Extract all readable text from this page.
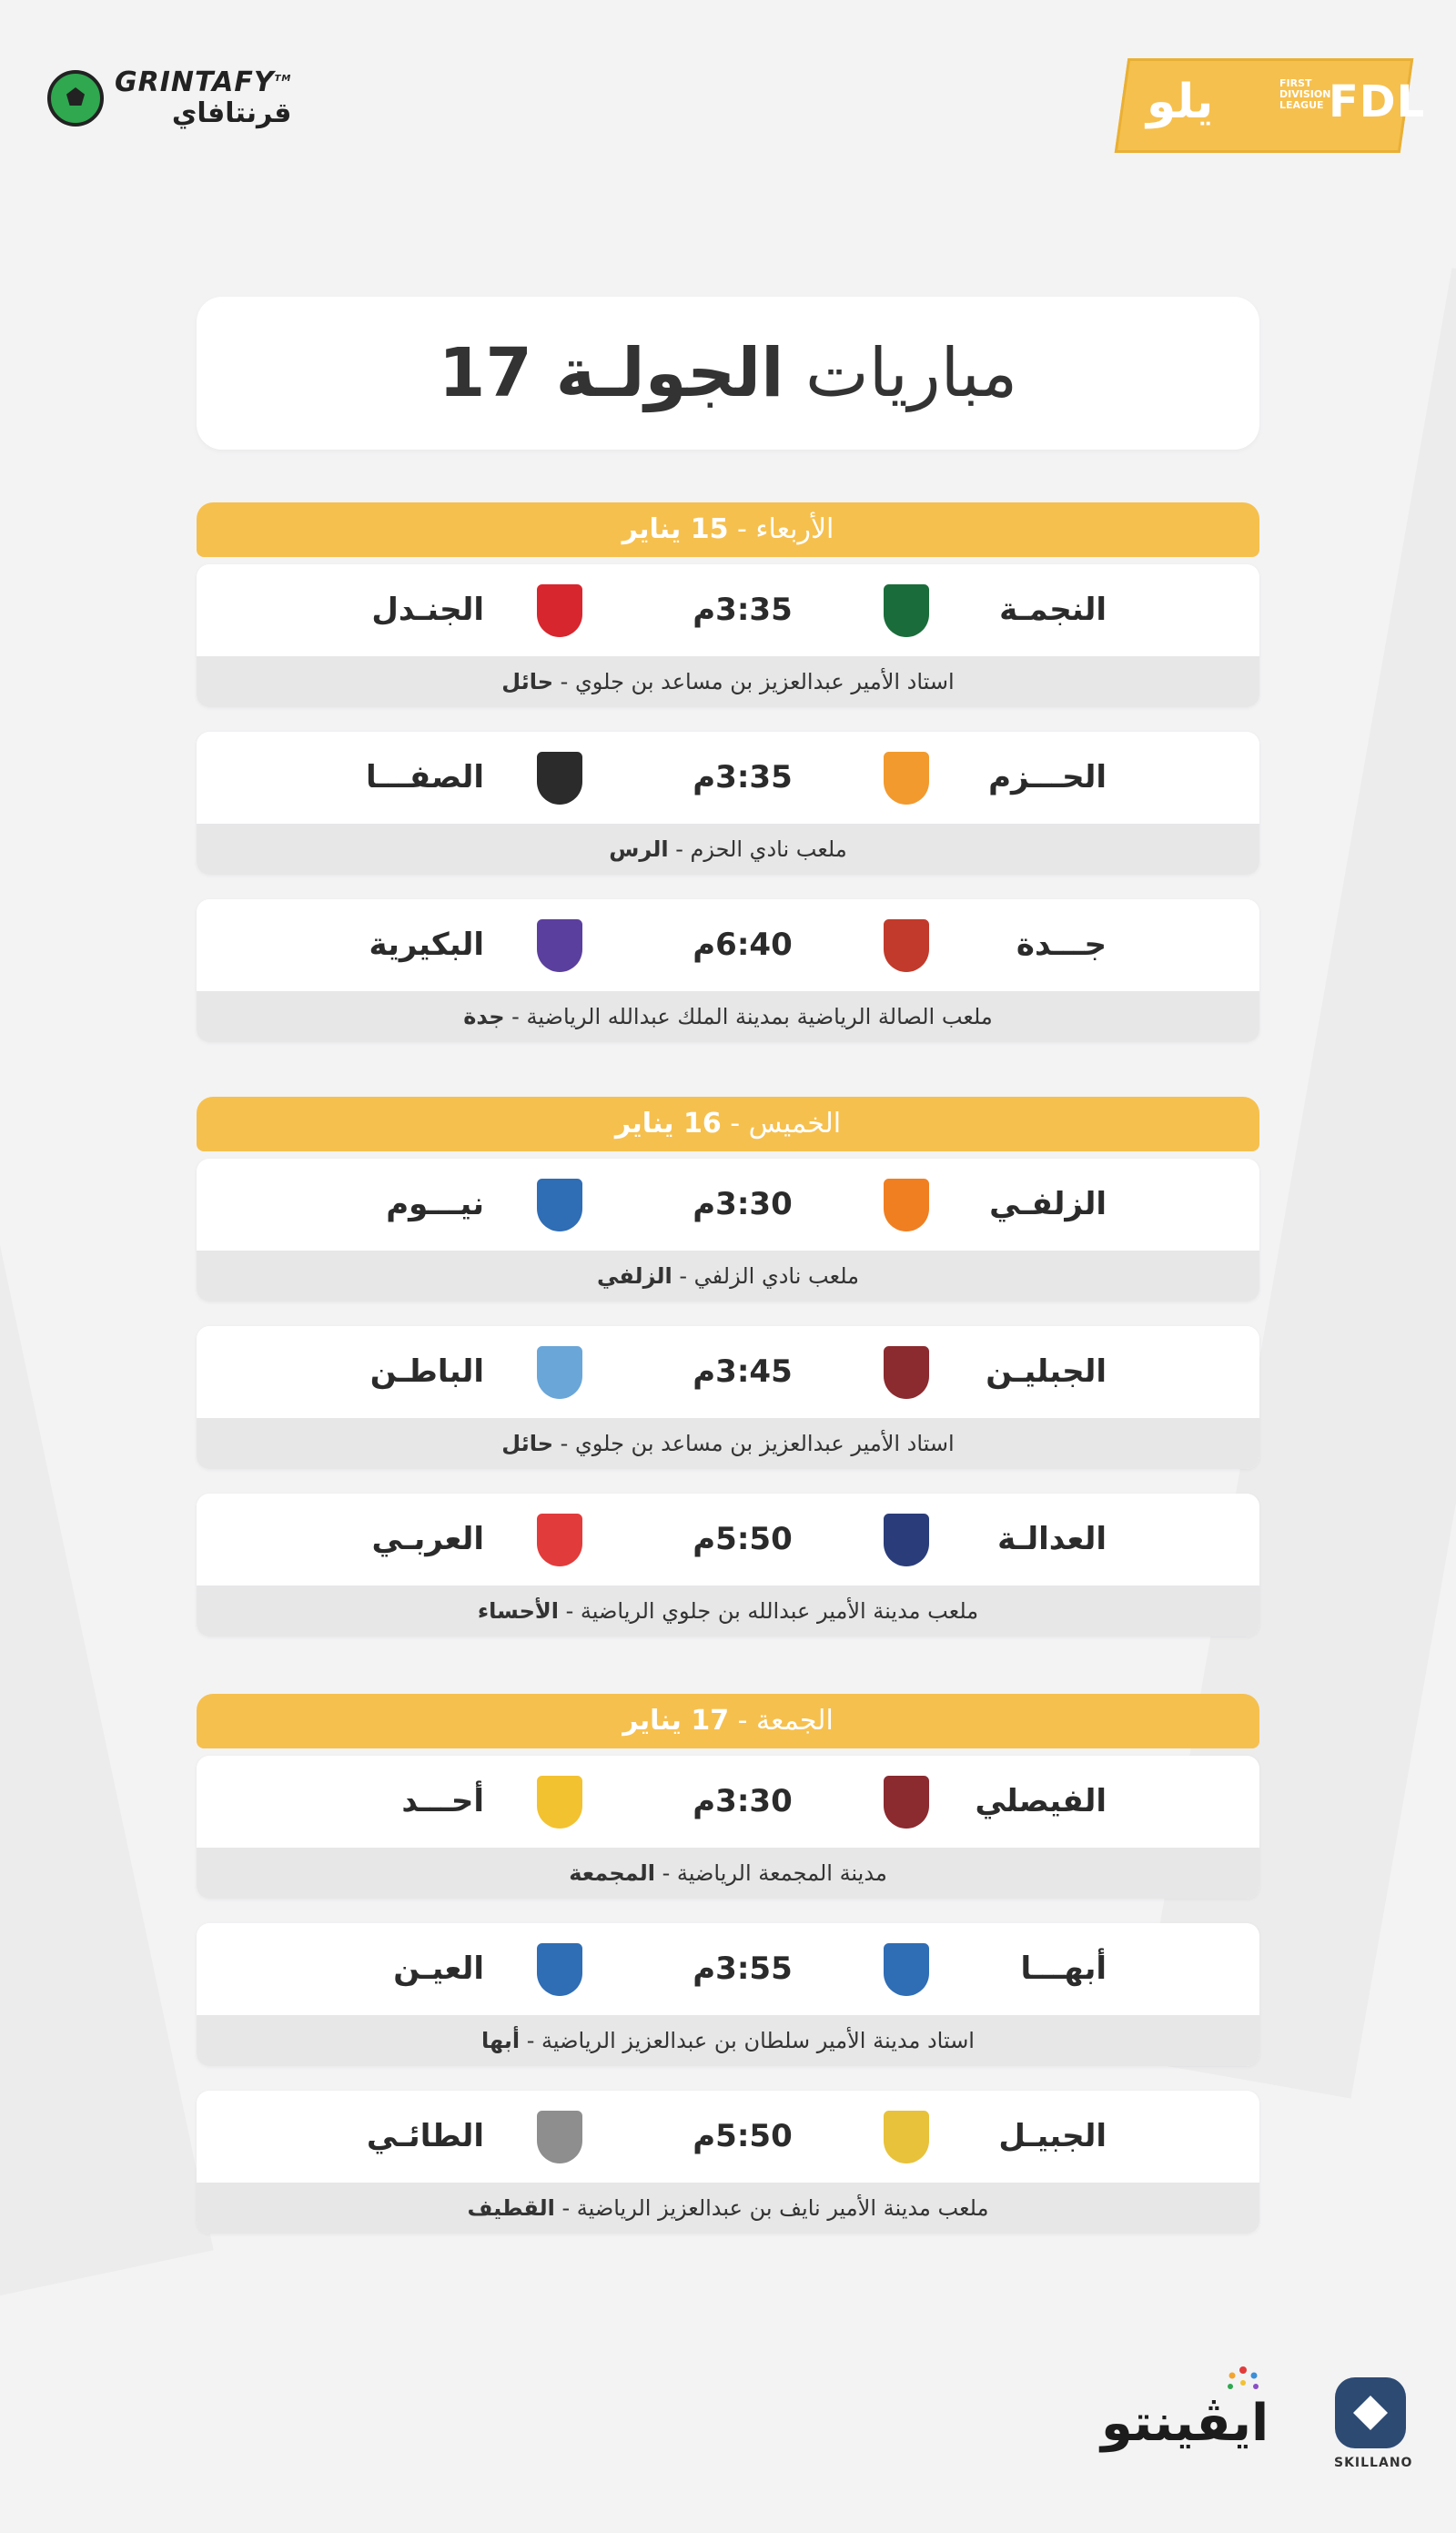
GRINTAFY™
قرنتافاي	يلو	FIRST DIVISION LEAGUE FDL
مباريات الجولـة 17
الأربعاء - 15 يناير
النجمـة
3:35م
الجنـدل
استاد الأمير عبدالعزيز بن مساعد بن جلوي - حائل
الحـــزم
3:35م
الصفـــا
ملعب نادي الحزم - الرس
جـــدة
6:40م
البكيرية
ملعب الصالة الرياضية بمدينة الملك عبدالله الرياضية - جدة
الخميس - 16 يناير
الزلفـي
3:30م
نيـــوم
ملعب نادي الزلفي - الزلفي
الجبليـن
3:45م
الباطـن
استاد الأمير عبدالعزيز بن مساعد بن جلوي - حائل
العدالـة
5:50م
العربـي
ملعب مدينة الأمير عبدالله بن جلوي الرياضية - الأحساء
الجمعة - 17 يناير
الفيصلي
3:30م
أحـــد
مدينة المجمعة الرياضية - المجمعة
أبهـــا
3:55م
العيـن
استاد مدينة الأمير سلطان بن عبدالعزيز الرياضية - أبها
الجبيـل
5:50م
الطائـي
ملعب مدينة الأمير نايف بن عبدالعزيز الرياضية - القطيف
SKILLANO
ايڤينتو
